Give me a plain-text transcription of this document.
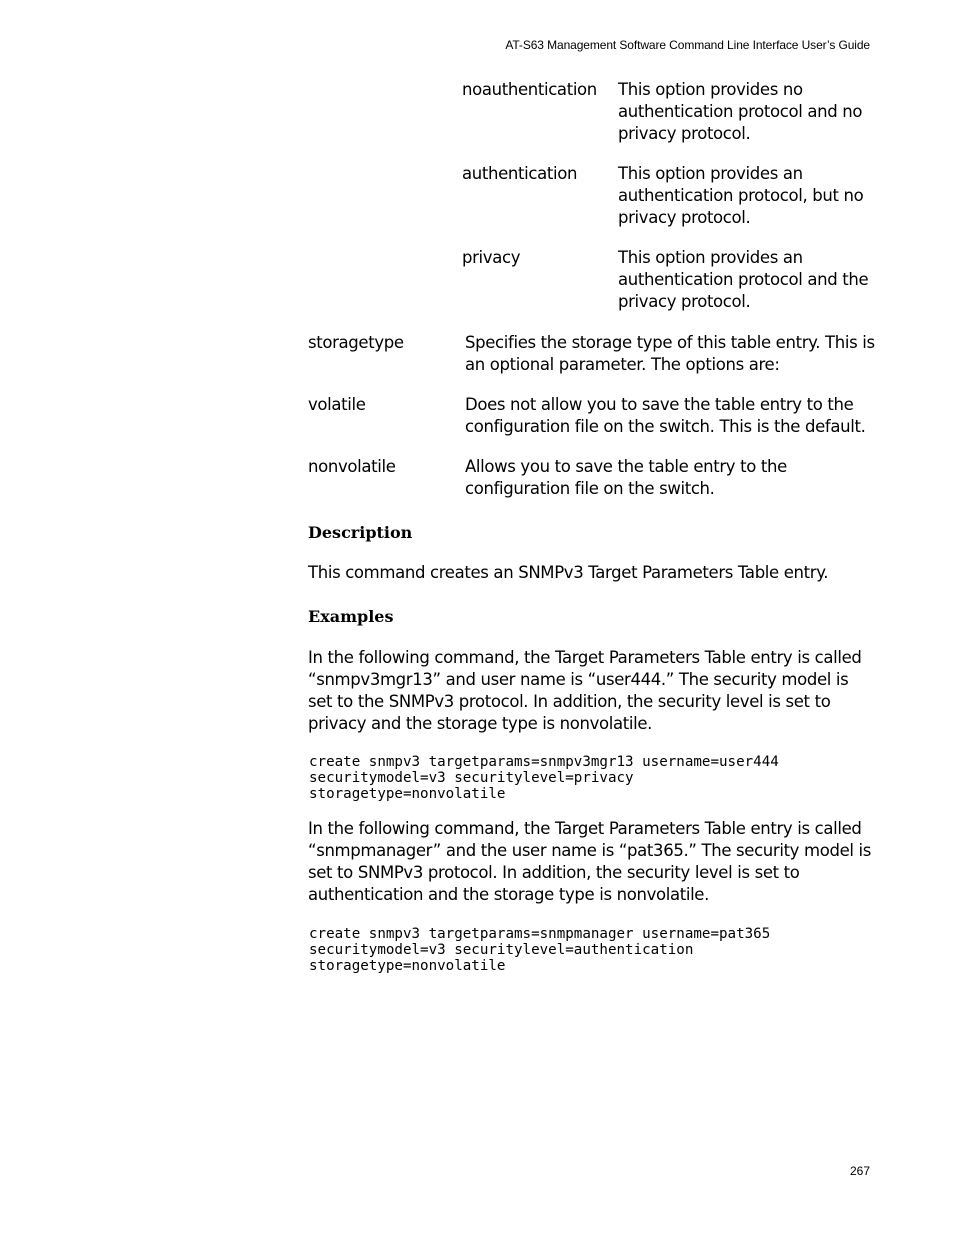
AT-S63 Management Software Command Line Interface User’s Guide
noauthentication This option provides no authentication protocol and no privacy protocol.
authentication This option provides an authentication protocol, but no privacy protocol.
privacy	This option provides an authentication protocol and the privacy protocol.
storagetype	Specifies the storage type of this table entry. This is an optional parameter. The options are:
volatile	Does not allow you to save the table entry to the configuration file on the switch. This is the default.
nonvolatile	Allows you to save the table entry to the configuration file on the switch.
Description
This command creates an SNMPv3 Target Parameters Table entry.
Examples
In the following command, the Target Parameters Table entry is called “snmpv3mgr13” and user name is “user444.” The security model is set to the SNMPv3 protocol. In addition, the security level is set to privacy and the storage type is nonvolatile.
create snmpv3 targetparams=snmpv3mgr13 username=user444
securitymodel=v3 securitylevel=privacy
storagetype=nonvolatile
In the following command, the Target Parameters Table entry is called “snmpmanager” and the user name is “pat365.” The security model is set to SNMPv3 protocol. In addition, the security level is set to authentication and the storage type is nonvolatile.
create snmpv3 targetparams=snmpmanager username=pat365
securitymodel=v3 securitylevel=authentication
storagetype=nonvolatile
267
